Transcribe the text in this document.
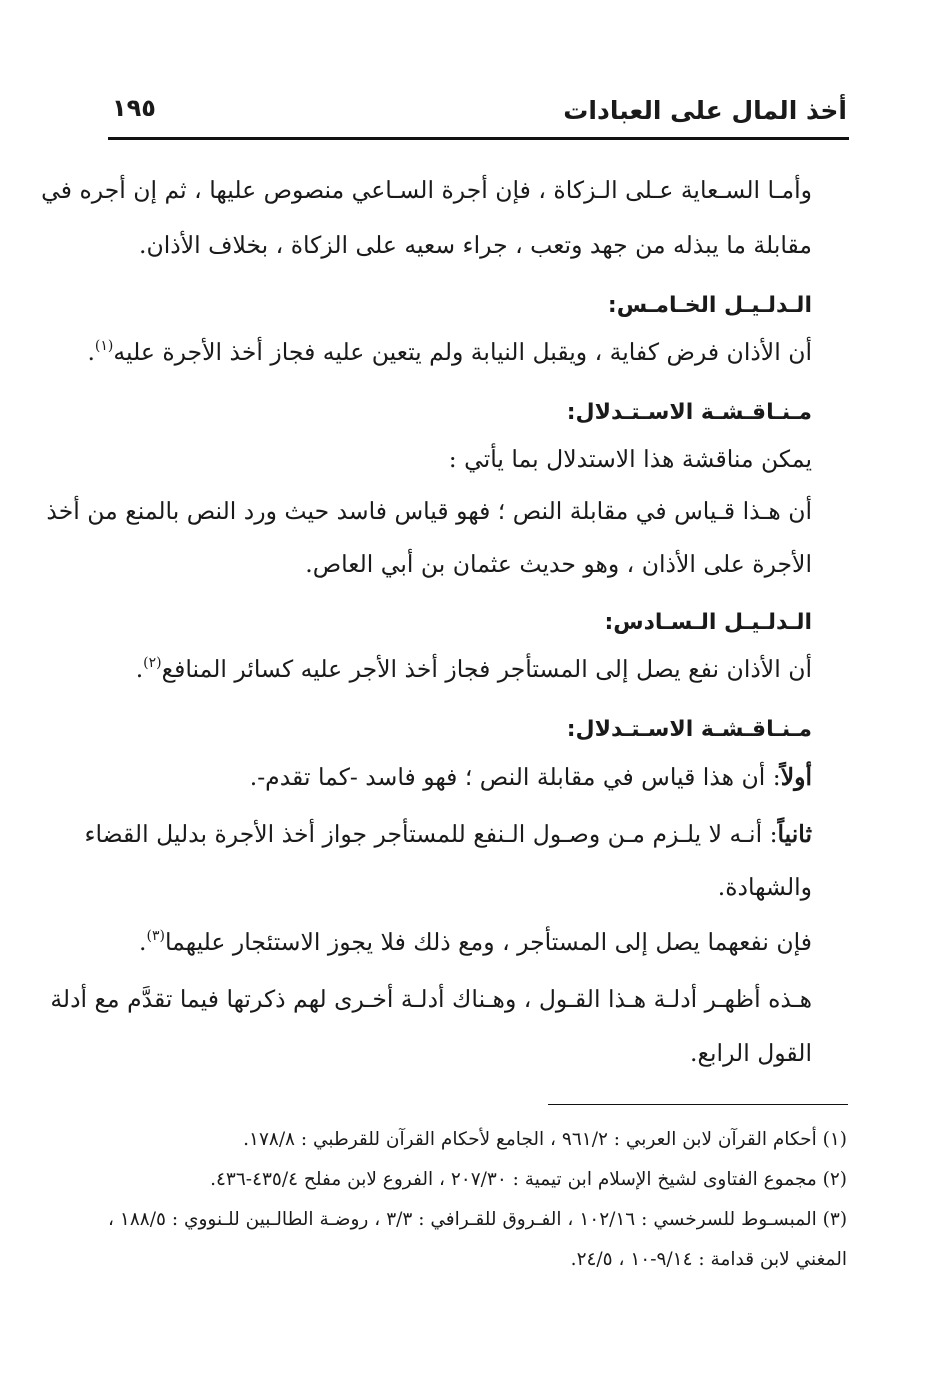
أخذ المال على العبادات
١٩٥
وأمـا السـعاية عـلى الـزكاة ، فإن أجرة السـاعي منصوص عليها ، ثم إن أجره في
مقابلة ما يبذله من جهد وتعب ، جراء سعيه على الزكاة ، بخلاف الأذان.
الـدلـيـل الخـامـس:
أن الأذان فرض كفاية ، ويقبل النيابة ولم يتعين عليه فجاز أخذ الأجرة عليه$^{(١)}$.
مـنـاقـشـة الاسـتـدلال:
يمكن مناقشة هذا الاستدلال بما يأتي :
أن هـذا قـياس في مقابلة النص ؛ فهو قياس فاسد حيث ورد النص بالمنع من أخذ
الأجرة على الأذان ، وهو حديث عثمان بن أبي العاص.
الـدلـيـل الـسـادس:
أن الأذان نفع يصل إلى المستأجر فجاز أخذ الأجر عليه كسائر المنافع$^{(٢)}$.
مـنـاقـشـة الاسـتـدلال:
أولاً: أن هذا قياس في مقابلة النص ؛ فهو فاسد -كما تقدم-.
ثانياً: أنـه لا يلـزم مـن وصـول الـنفع للمستأجر جواز أخذ الأجرة بدليل القضاء
والشهادة.
فإن نفعهما يصل إلى المستأجر ، ومع ذلك فلا يجوز الاستئجار عليهما$^{(٣)}$.
هـذه أظهـر أدلـة هـذا القـول ، وهـناك أدلـة أخـرى لهم ذكرتها فيما تقدَّم مع أدلة
القول الرابع.
(١) أحكام القرآن لابن العربي : ٩٦١/٢ ، الجامع لأحكام القرآن للقرطبي : ١٧٨/٨.
(٢) مجموع الفتاوى لشيخ الإسلام ابن تيمية : ٢٠٧/٣٠ ، الفروع لابن مفلح ٤٣٥/٤-٤٣٦.
(٣) المبسـوط للسرخسي : ١٠٢/١٦ ، الفـروق للقـرافي : ٣/٣ ، روضـة الطالـبين للـنووي : ١٨٨/٥ ،
المغني لابن قدامة : ٩/١٤-١٠ ، ٢٤/٥.
